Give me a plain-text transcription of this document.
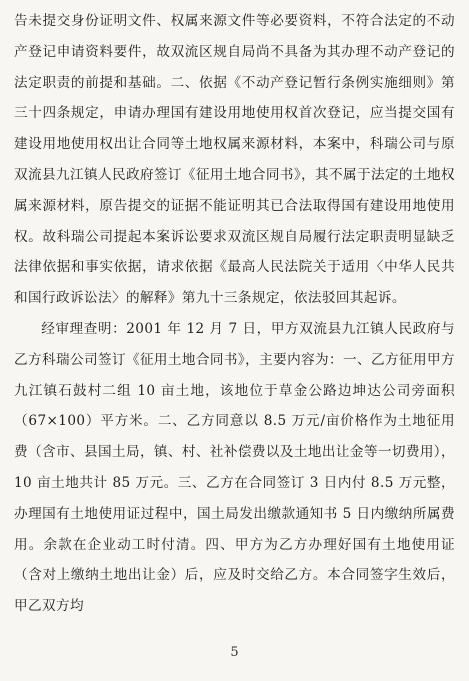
告未提交身份证明文件、权属来源文件等必要资料，不符合法定的不动产登记申请资料要件，故双流区规自局尚不具备为其办理不动产登记的法定职责的前提和基础。二、依据《不动产登记暂行条例实施细则》第三十四条规定，申请办理国有建设用地使用权首次登记，应当提交国有建设用地使用权出让合同等土地权属来源材料，本案中，科瑞公司与原双流县九江镇人民政府签订《征用土地合同书》，其不属于法定的土地权属来源材料，原告提交的证据不能证明其已合法取得国有建设用地使用权。故科瑞公司提起本案诉讼要求双流区规自局履行法定职责明显缺乏法律依据和事实依据，请求依据《最高人民法院关于适用〈中华人民共和国行政诉讼法〉的解释》第九十三条规定，依法驳回其起诉。

经审理查明：2001 年 12 月 7 日，甲方双流县九江镇人民政府与乙方科瑞公司签订《征用土地合同书》，主要内容为：一、乙方征用甲方九江镇石鼓村二组 10 亩土地，该地位于草金公路边坤达公司旁面积（67×100）平方米。二、乙方同意以 8.5 万元/亩价格作为土地征用费（含市、县国土局，镇、村、社补偿费以及土地出让金等一切费用），10 亩土地共计 85 万元。三、乙方在合同签订 3 日内付 8.5 万元整，办理国有土地使用证过程中，国土局发出缴款通知书 5 日内缴纳所属费用。余款在企业动工时付清。四、甲方为乙方办理好国有土地使用证（含对上缴纳土地出让金）后，应及时交给乙方。本合同签字生效后，甲乙双方均

5
